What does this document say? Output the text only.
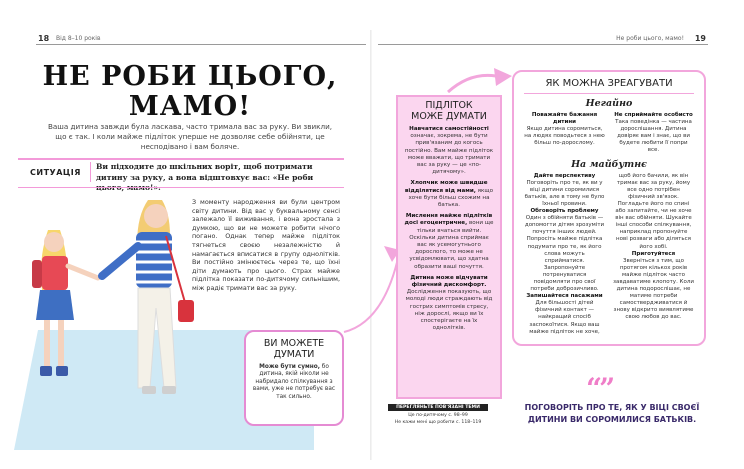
18 Від 8–10 років	Не роби цього, мамо! 19
НЕ РОБИ ЦЬОГО,
МАМО!
Ваша дитина завжди була ласкава, часто тримала вас за руку. Ви звикли, що є так. І коли майже підліток уперше не дозволяє себе обійняти, це несподівано і вам боляче.
СИТУАЦІЯ
Ви підходите до шкільних воріт, щоб потримати дитину за руку, а вона відштовхує вас: «Не роби
З моменту народження ви були центром світу дитини. Від вас у буквальному сенсі залежало її виживання, і вона зростала з думкою, що ви не можете робити нічого погано. Однак тепер майже підліток тягнеться своєю незалежністю й намагається вписатися в групу однолітків. Ви постійно змінюєтесь через те, що їхні діти думають про цього. Страх майже підлітка показати по-дитячому сильнішим, між радіє тримати вас за руку.
ВИ МОЖЕТЕ
ДУМАТИ
Може бути сумно, бо дитина, якій ніколи не набридало спілкування з вами, уже не потребує вас так сильно.
ПІДЛІТОК
МОЖЕ ДУМАТИ
Навчатися самостійності означає, зокрема, не бути прив'язаним до когось постійно. Вам майже підліток може вважати, що тримати вас за руку — це «по-дитячому».
Хлопчик може швидше відділятися від мами, якщо хоче бути більш схожим на батька.
Мислення майже підлітків досі егоцентричне, вони ще тільки вчаться вийти. Оскільки дитина сприймає вас як усемогутнього дорослого, то може не усвідомлювати, що здатна образити ваші почуття.
Дитина може відчувати фізичний дискомфорт. Дослідження показують, що молоді люди страждають від гострих симптомів стресу, ніж дорослі, якщо ви їх спостерігаєте на їх однолітків.
ЯК МОЖНА ЗРЕАГУВАТИ
Негайно
Поважайте бажання дитини
Якщо дитина соромиться, на людях поводьтеся з нею більш по-дорослому.
Не сприймайте особисто
Така поведінка — частина дорослішання. Дитина довіряє вам і знає, що ви будете любити її попри все.
На майбутнє
Дайте перспективу
Поговоріть про те, як ви у віці дитини соромилися батьків, але в тому не було їхньої провини.
Обговоріть проблему
Один з обійняти батьків — допомогти дітям зрозуміти почуття інших людей. Попросіть майже підлітка подумати про те, як його слова можуть сприйматися. Запропонуйте потренуватися повідомляти про свої потреби доброзичливо.
Запишайтеся пасажами
Для більшості дітей фізичний контакт — найкращий спосіб заспокоїтися. Якщо ваш майже підліток не хоче,
щоб його бачили, як він тримає вас за руку, йому все одно потрібен фізичний зв'язок. Погладьте його по спині або запитайте, чи не хоче він вас обійняти. Шукайте інші способи спілкування, наприклад пропонуйте нові розваги або діляться його хобі.
Приготуйтеся
Зверніться з тим, що протягом кількох років майже підліток часто завдаватиме клопоту. Коли дитина подорослішає, не матиме потреби самоствердживатися й знову відкрито виявлятиме свою любов до вас.
“”
ПОГОВОРІТЬ ПРО ТЕ, ЯК У ВІЦІ СВОЄЇ ДИТИНИ ВИ СОРОМИЛИСЯ БАТЬКІВ.
ПЕРЕГЛЯНЬТЕ ПОВ'ЯЗАНІ ТЕМИ
Це по-дитячому с. 98–99
Не кажи мені що робити с. 118–119
